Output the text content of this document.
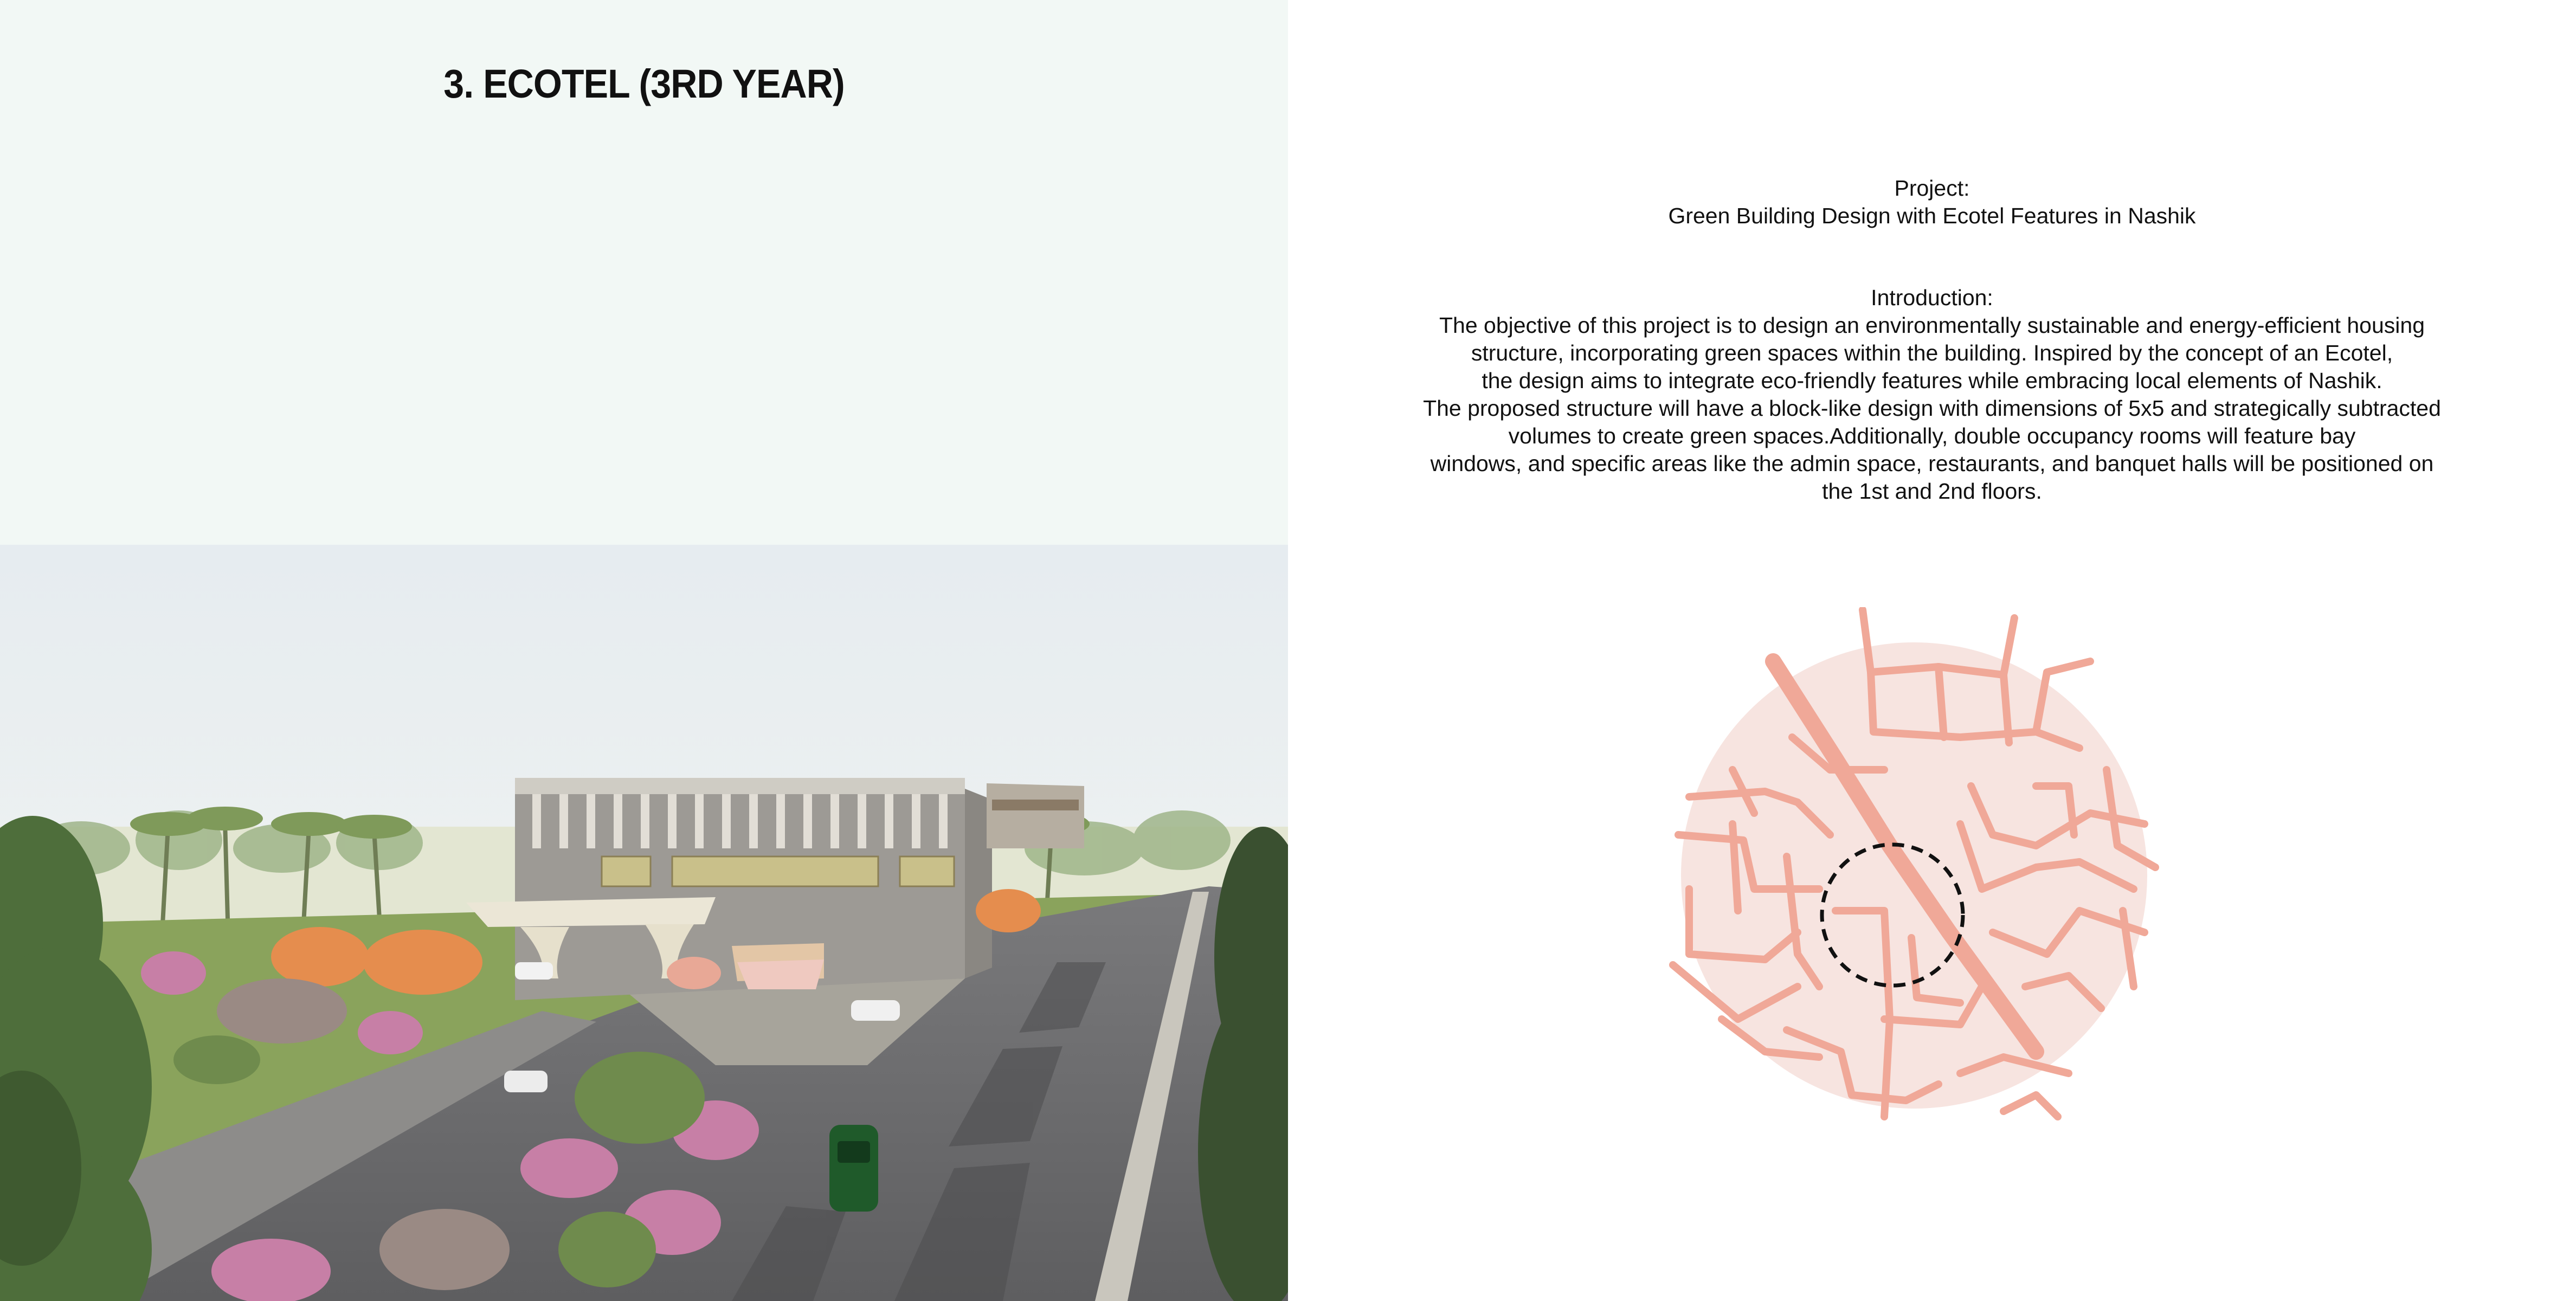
3. ECOTEL (3RD YEAR)

Project:

Green Building Design with Ecotel Features in Nashik

Introduction:

The objective of this project is to design an environmentally sustainable and energy-efficient housing

structure, incorporating green spaces within the building. Inspired by the concept of an Ecotel,

the design aims to integrate eco-friendly features while embracing local elements of Nashik.

The proposed structure will have a block-like design with dimensions of 5x5 and strategically subtracted

volumes to create green spaces.Additionally, double occupancy rooms will feature bay

windows, and specific areas like the admin space, restaurants, and banquet halls will be positioned on

the 1st and 2nd floors.
